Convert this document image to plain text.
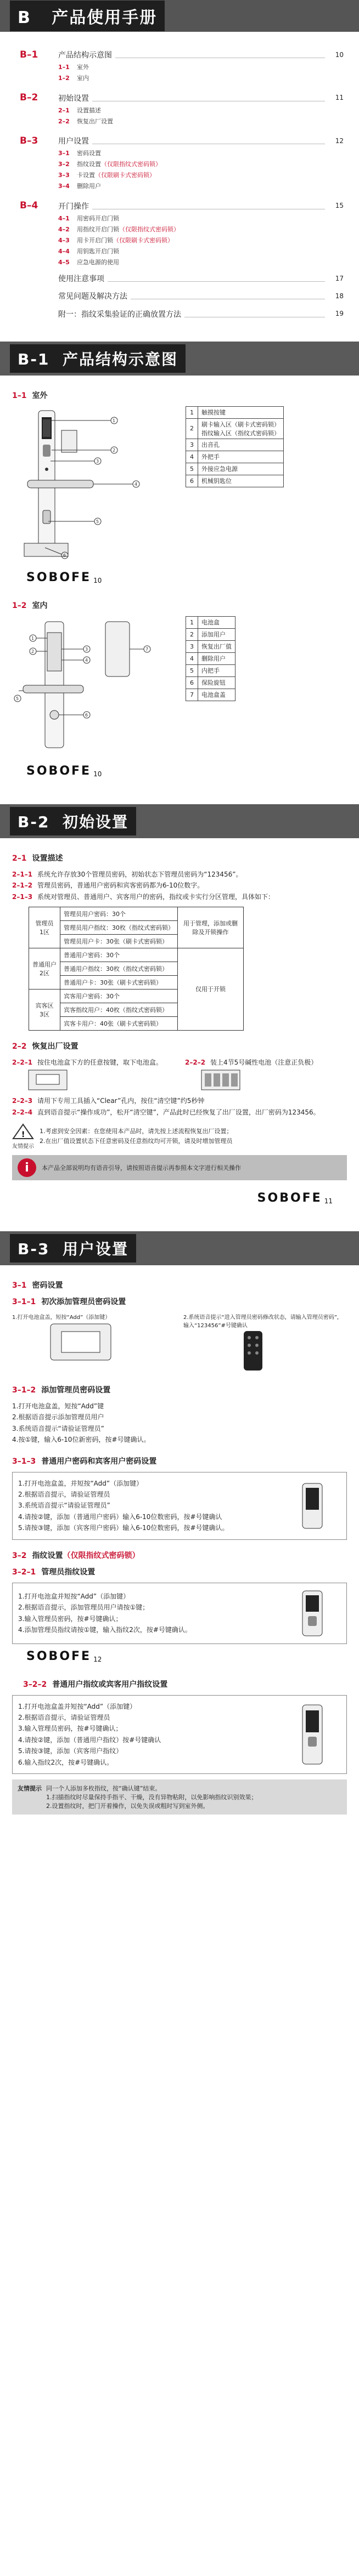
B 产品使用手册
B–1	产品结构示意图	10
1–1 室外
1–2 室内
B–2	初始设置	11
2–1 设置描述
2–2 恢复出厂设置
B–3	用户设置	12
3–1 密码设置
3–2 指纹设置（仅限指纹式密码锁）
3–3 卡设置（仅限刷卡式密码锁）
3–4 删除用户
B–4	开门操作	15
4–1 用密码开启门锁
4–2 用指纹开启门锁（仅限指纹式密码锁）
4–3 用卡开启门锁（仅限刷卡式密码锁）
4–4 用钥匙开启门锁
4–5 应急电源的使用
使用注意事项	17
常见问题及解决方法	18
附一：指纹采集验证的正确放置方法	19
B-1 产品结构示意图
1–1 室外
1
2
3
4
5
6
1	触摸按键
2	刷卡输入区（刷卡式密码锁）
指纹输入区（指纹式密码锁）
3	出音孔
4	外把手
5	外接应急电源
6	机械钥匙位
SOBOFE 10
1–2 室内
1
2	3
4
5
6
7
1	电池盒
2	添加用户
3	恢复出厂值
4	删除用户
5	内把手
6	保险旋钮
7	电池盒盖
SOBOFE 10
B-2 初始设置
2–1 设置描述
2–1–1 系统允许存放30个管理员密码，初始状态下管理员密码为“123456”。
2–1–2 管理员密码，普通用户密码和宾客密码都为6-10位数字。
2–1–3 系统对管理员、普通用户、宾客用户的密码，指纹或卡实行分区管理，具体如下：
管理员
1区	管理员用户密码：30个	用于管理，添加或删除及开锁操作
	管理员用户指纹：30枚（指纹式密码锁）	
	管理员用户卡：30张（刷卡式密码锁）	

普通用户
2区	普通用户密码：30个	仅用于开锁
	普通用户指纹：30枚（指纹式密码锁）	
	普通用户卡：30张（刷卡式密码锁）	

宾客区
3区	宾客用户密码：30个	
	宾客指纹用户：40枚（指纹式密码锁）	
	宾客卡用户：40张（刷卡式密码锁）	
2–2 恢复出厂设置
2–2–1 按住电池盒下方的任意按键，取下电池盒。	2–2–2 装上4节5号碱性电池（注意正负极）
2–2–3 请用下专用工具插入“Clear”孔内，按住“清空键”约5秒钟
2–2–4 直到语音提示“操作成功”，松开“清空键”，产品此时已经恢复了出厂设置，出厂密码为123456。
!
友情提示
1.考虑到安全因素：在您使用本产品时，请先按上述流程恢复出厂设置；
2.在出厂值设置状态下任意密码及任意指纹均可开锁，请及时增加管理员
i	本产品全部说明均有语音引导，请按照语音提示再参照本文字进行相关操作
SOBOFE 11
B-3 用户设置
3–1 密码设置
3–1–1 初次添加管理员密码设置
1.打开电池盒盖，短按“Add”（添加键）	2.系统语音提示“进入管理员密码修改状态，请输入管理员密码”，输入“123456”#号键确认
3–1–2 添加管理员密码设置
1.打开电池盒盖，短按“Add”键
2.根据语音提示添加管理员用户
3.系统语音提示“请验证管理员”
4.按①键，输入6-10位新密码，按#号键确认。
3–1–3 普通用户密码和宾客用户密码设置
1.打开电池盒盖，并短按“Add”（添加键）
2.根据语音提示，请验证管理员
3.系统语音提示“请验证管理员”
4.请按②键，添加（普通用户密码）输入6-10位数密码，按#号键确认
5.请按③键，添加（宾客用户密码）输入6-10位数密码，按#号键确认。
3–2 指纹设置（仅限指纹式密码锁）
3–2–1 管理员指纹设置
1.打开电池盒并短按“Add”（添加键）
2.根据语音提示，添加管理员用户请按①键；
3.输入管理员密码，按#号键确认；
4.添加管理员指纹请按①键，输入指纹2次，按#号键确认。
SOBOFE 12
3–2–2 普通用户指纹或宾客用户指纹设置
1.打开电池盒盖并短按“Add”（添加键）
2.根据语音提示，请验证管理员
3.输入管理员密码，按#号键确认；
4.请按②键，添加（普通用户指纹）按#号键确认
5.请按③键，添加（宾客用户指纹）
6.输入指纹2次，按#号键确认。
友情提示 同一个人添加多枚指纹，按“确认键”结束。
1.扫描指纹时尽量保持手指平、干燥，没有异物粘附，以免影响指纹识别效果；
2.设置指纹时，把门开着操作，以免失误或粗时写到室外侧。
